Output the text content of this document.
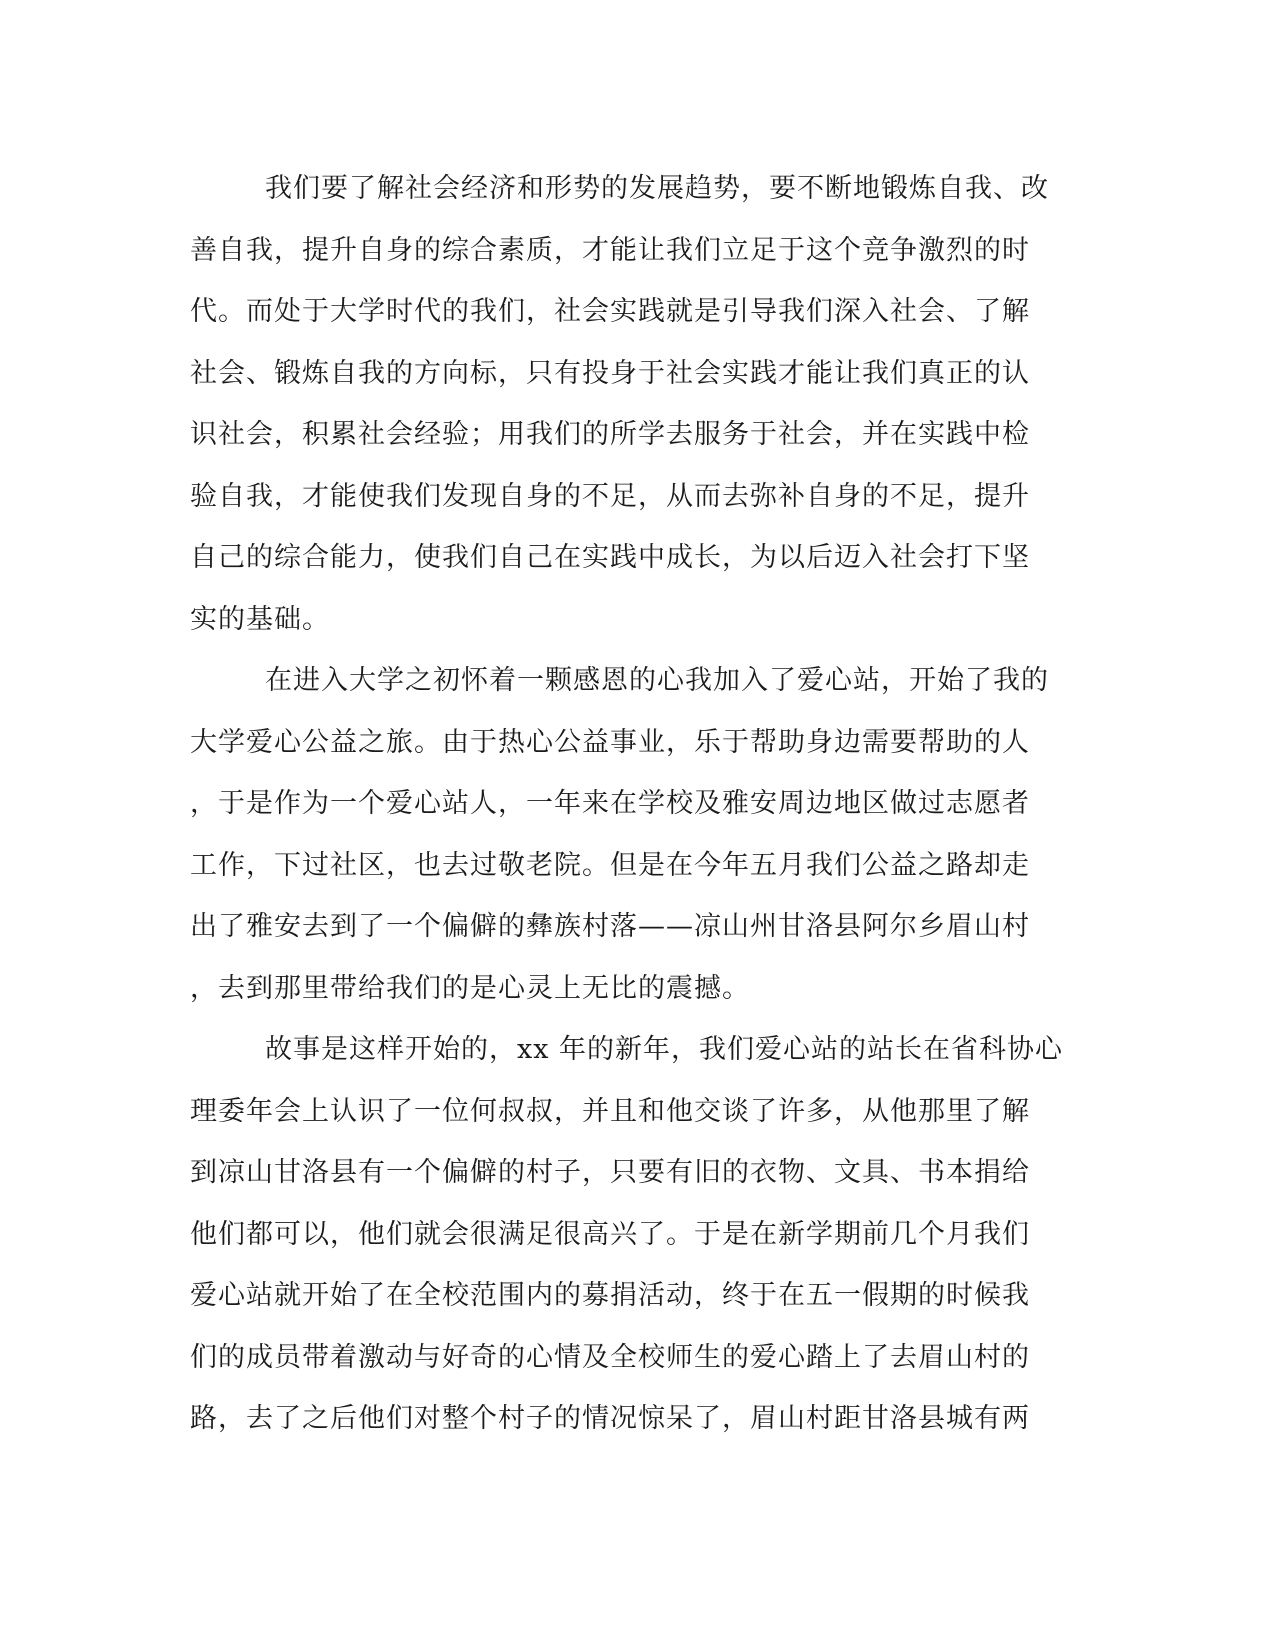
我们要了解社会经济和形势的发展趋势，要不断地锻炼自我、改
善自我，提升自身的综合素质，才能让我们立足于这个竞争激烈的时
代。而处于大学时代的我们，社会实践就是引导我们深入社会、了解
社会、锻炼自我的方向标，只有投身于社会实践才能让我们真正的认
识社会，积累社会经验；用我们的所学去服务于社会，并在实践中检
验自我，才能使我们发现自身的不足，从而去弥补自身的不足，提升
自己的综合能力，使我们自己在实践中成长，为以后迈入社会打下坚
实的基础。
在进入大学之初怀着一颗感恩的心我加入了爱心站，开始了我的
大学爱心公益之旅。由于热心公益事业，乐于帮助身边需要帮助的人
，于是作为一个爱心站人，一年来在学校及雅安周边地区做过志愿者
工作，下过社区，也去过敬老院。但是在今年五月我们公益之路却走
出了雅安去到了一个偏僻的彝族村落——凉山州甘洛县阿尔乡眉山村
，去到那里带给我们的是心灵上无比的震撼。
故事是这样开始的，xx 年的新年，我们爱心站的站长在省科协心
理委年会上认识了一位何叔叔，并且和他交谈了许多，从他那里了解
到凉山甘洛县有一个偏僻的村子，只要有旧的衣物、文具、书本捐给
他们都可以，他们就会很满足很高兴了。于是在新学期前几个月我们
爱心站就开始了在全校范围内的募捐活动，终于在五一假期的时候我
们的成员带着激动与好奇的心情及全校师生的爱心踏上了去眉山村的
路，去了之后他们对整个村子的情况惊呆了，眉山村距甘洛县城有两
